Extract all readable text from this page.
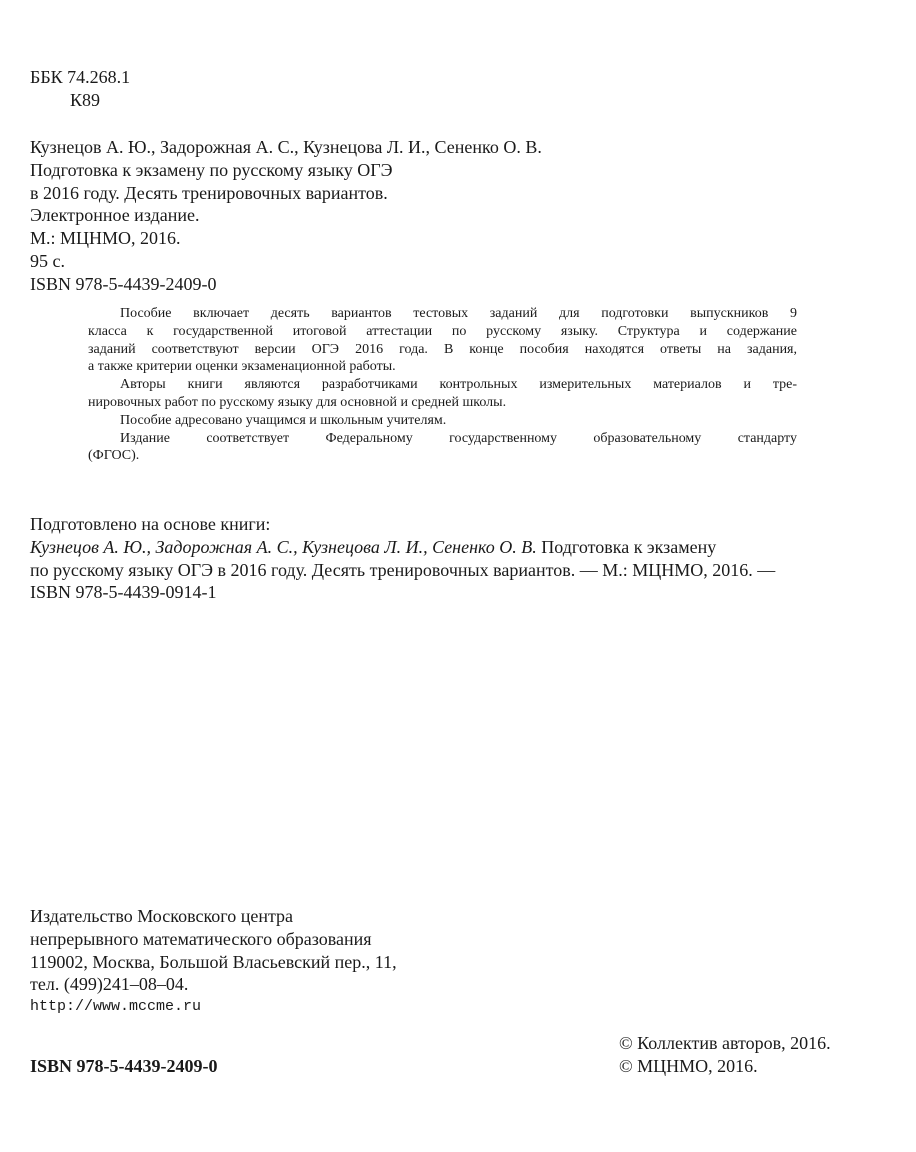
ББК 74.268.1
К89
Кузнецов А. Ю., Задорожная А. С., Кузнецова Л. И., Сененко О. В.
Подготовка к экзамену по русскому языку ОГЭ
в 2016 году. Десять тренировочных вариантов.
Электронное издание.
М.: МЦНМО, 2016.
95 с.
ISBN 978-5-4439-2409-0
Пособие включает десять вариантов тестовых заданий для подготовки выпускников 9
класса к государственной итоговой аттестации по русскому языку. Структура и содержание
заданий соответствуют версии ОГЭ 2016 года. В конце пособия находятся ответы на задания,
а также критерии оценки экзаменационной работы.
Авторы книги являются разработчиками контрольных измерительных материалов и тре-
нировочных работ по русскому языку для основной и средней школы.
Пособие адресовано учащимся и школьным учителям.
Издание соответствует Федеральному государственному образовательному стандарту
(ФГОС).
Подготовлено на основе книги:
Кузнецов А. Ю., Задорожная А. С., Кузнецова Л. И., Сененко О. В. Подготовка к экзамену
по русскому языку ОГЭ в 2016 году. Десять тренировочных вариантов. — М.: МЦНМО, 2016. —
ISBN 978-5-4439-0914-1
Издательство Московского центра
непрерывного математического образования
119002, Москва, Большой Власьевский пер., 11,
тел. (499)241–08–04.
http://www.mccme.ru
ISBN 978-5-4439-2409-0
© Коллектив авторов, 2016.
© МЦНМО, 2016.
